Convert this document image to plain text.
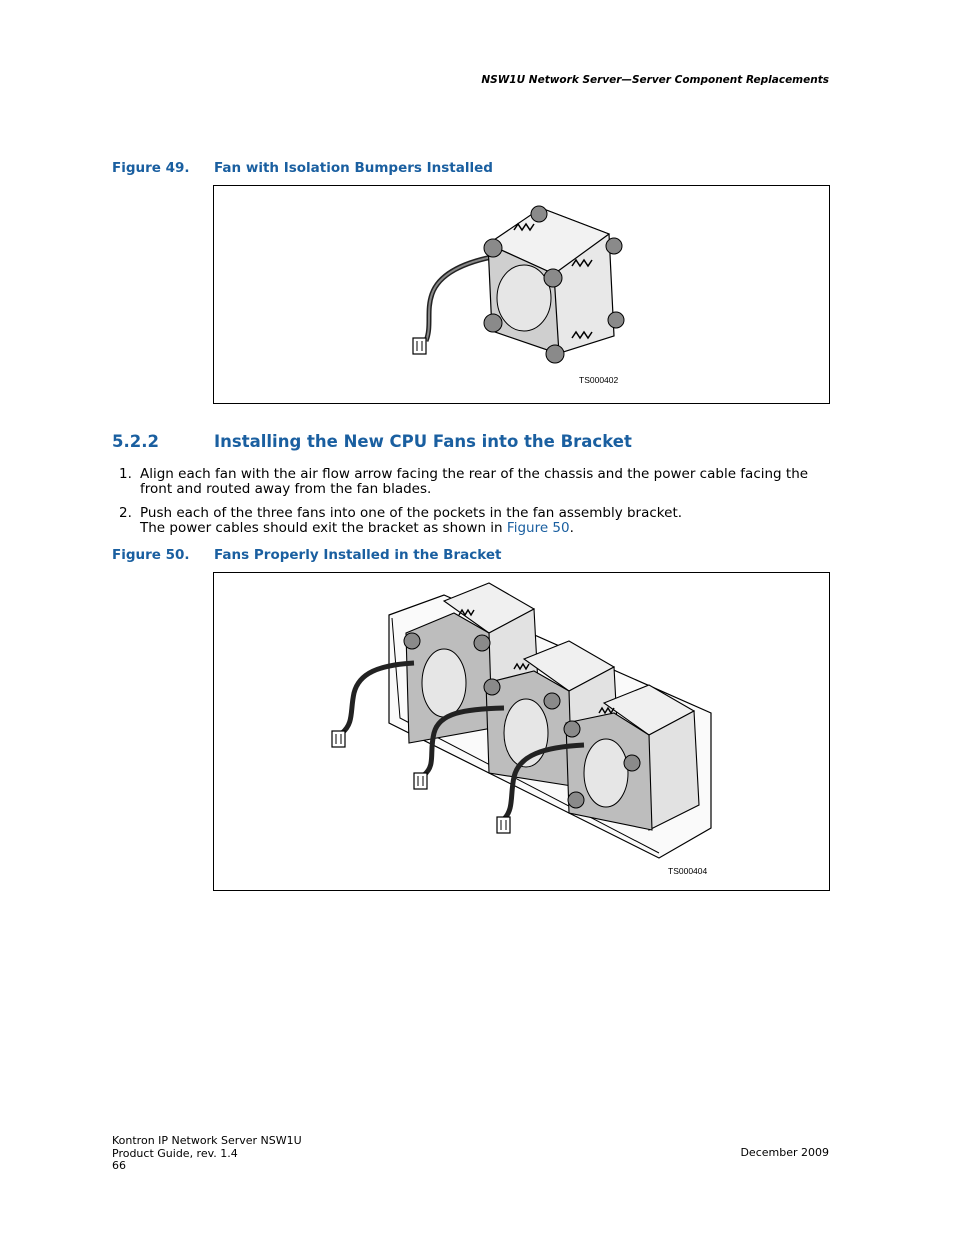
NSW1U Network Server—Server Component Replacements
Figure 49. Fan with Isolation Bumpers Installed
TS000402
5.2.2	Installing the New CPU Fans into the Bracket
1. Align each fan with the air flow arrow facing the rear of the chassis and the power cable facing the
front and routed away from the fan blades.
2. Push each of the three fans into one of the pockets in the fan assembly bracket.
The power cables should exit the bracket as shown in Figure 50.
Figure 50. Fans Properly Installed in the Bracket
TS000404
Kontron IP Network Server NSW1U
Product Guide, rev. 1.4
66
December 2009
